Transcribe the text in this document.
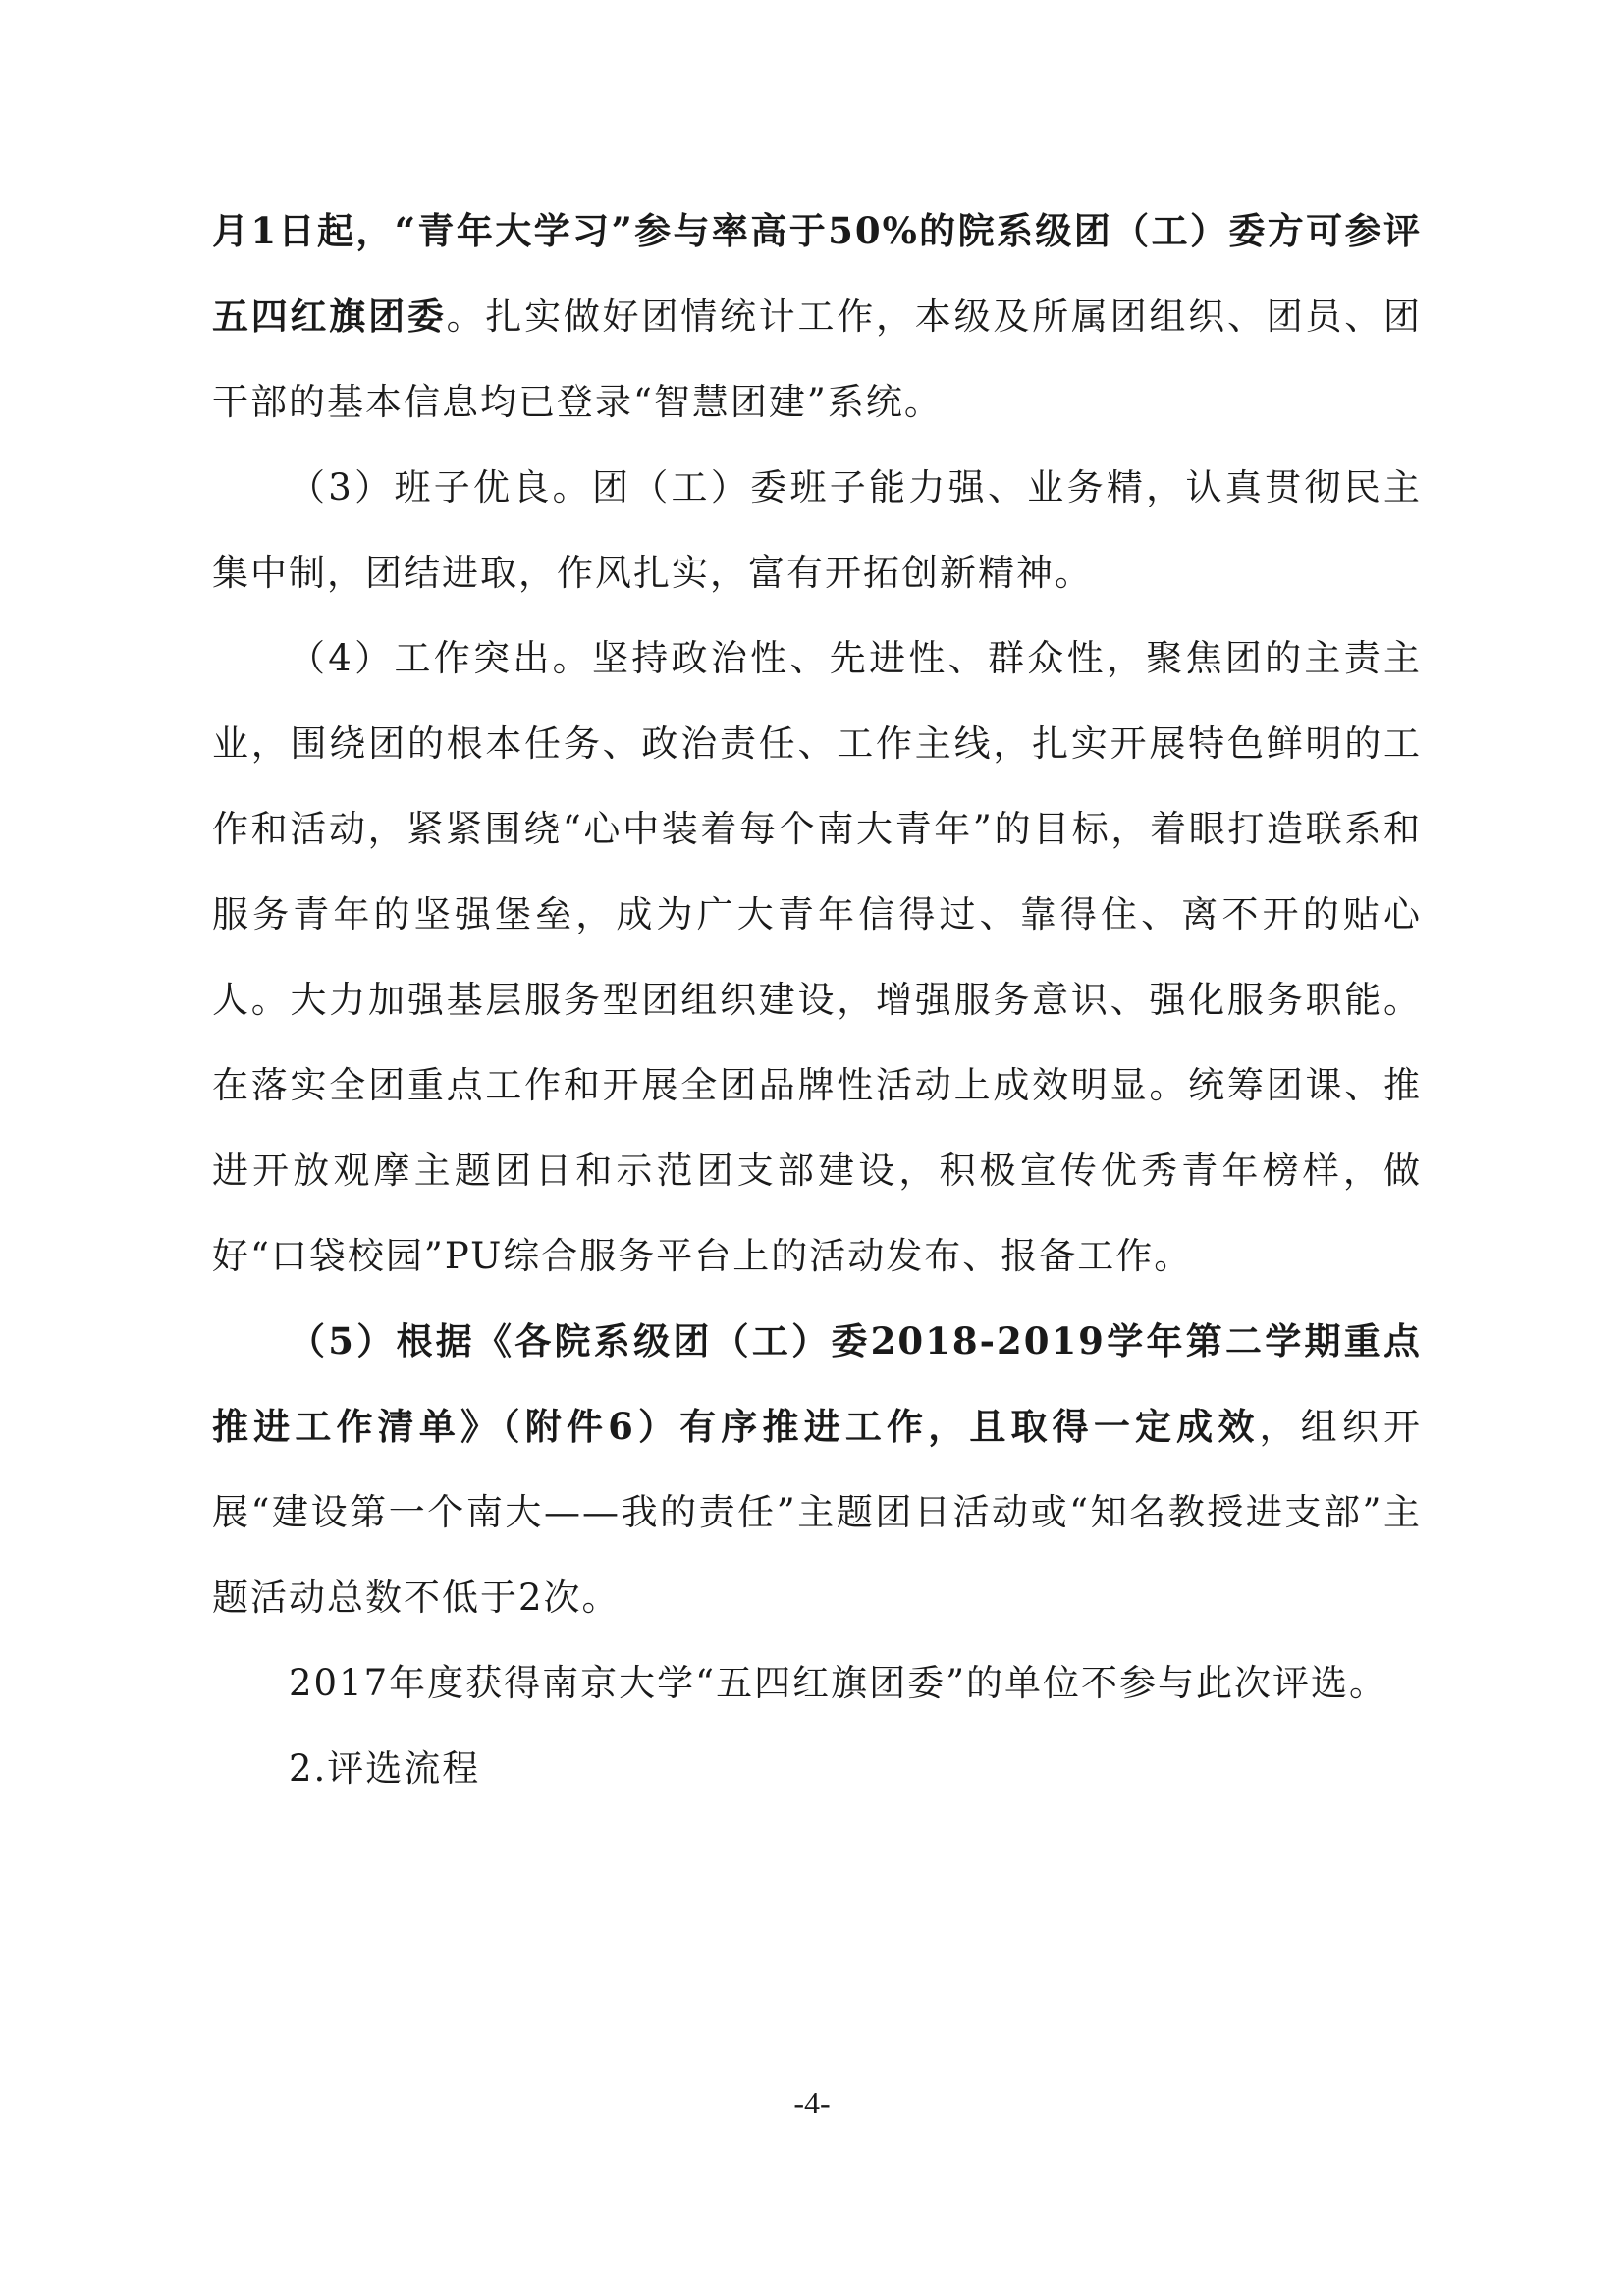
月1日起，“青年大学习”参与率高于50%的院系级团（工）委方可参评五四红旗团委。扎实做好团情统计工作，本级及所属团组织、团员、团干部的基本信息均已登录“智慧团建”系统。

（3）班子优良。团（工）委班子能力强、业务精，认真贯彻民主集中制，团结进取，作风扎实，富有开拓创新精神。

（4）工作突出。坚持政治性、先进性、群众性，聚焦团的主责主业，围绕团的根本任务、政治责任、工作主线，扎实开展特色鲜明的工作和活动，紧紧围绕“心中装着每个南大青年”的目标，着眼打造联系和服务青年的坚强堡垒，成为广大青年信得过、靠得住、离不开的贴心人。大力加强基层服务型团组织建设，增强服务意识、强化服务职能。在落实全团重点工作和开展全团品牌性活动上成效明显。统筹团课、推进开放观摩主题团日和示范团支部建设，积极宣传优秀青年榜样，做好“口袋校园”PU综合服务平台上的活动发布、报备工作。

（5）根据《各院系级团（工）委2018-2019学年第二学期重点推进工作清单》（附件6）有序推进工作，且取得一定成效，组织开展“建设第一个南大——我的责任”主题团日活动或“知名教授进支部”主题活动总数不低于2次。

2017年度获得南京大学“五四红旗团委”的单位不参与此次评选。

2.评选流程

-4-
